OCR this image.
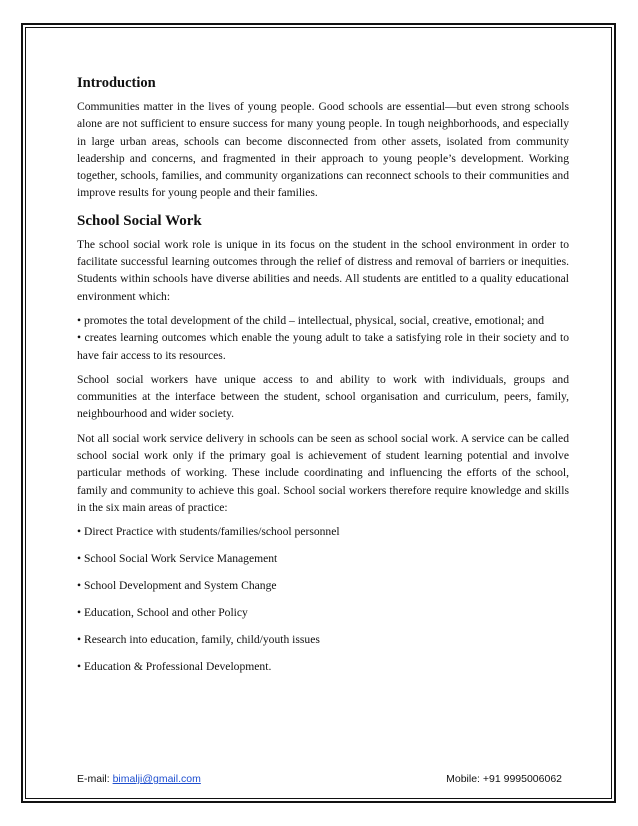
Introduction

Communities matter in the lives of young people. Good schools are essential—but even strong schools alone are not sufficient to ensure success for many young people. In tough neighborhoods, and especially in large urban areas, schools can become disconnected from other assets, isolated from community leadership and concerns, and fragmented in their approach to young people’s development. Working together, schools, families, and community organizations can reconnect schools to their communities and improve results for young people and their families.

School Social Work

The school social work role is unique in its focus on the student in the school environment in order to facilitate successful learning outcomes through the relief of distress and removal of barriers or inequities. Students within schools have diverse abilities and needs. All students are entitled to a quality educational environment which:

• promotes the total development of the child – intellectual, physical, social, creative, emotional; and

• creates learning outcomes which enable the young adult to take a satisfying role in their society and to have fair access to its resources.

School social workers have unique access to and ability to work with individuals, groups and communities at the interface between the student, school organisation and curriculum, peers, family, neighbourhood and wider society.

Not all social work service delivery in schools can be seen as school social work. A service can be called school social work only if the primary goal is achievement of student learning potential and involve particular methods of working. These include coordinating and influencing the efforts of the school, family and community to achieve this goal. School social workers therefore require knowledge and skills in the six main areas of practice:

• Direct Practice with students/families/school personnel

• School Social Work Service Management

• School Development and System Change

• Education, School and other Policy

• Research into education, family, child/youth issues

• Education & Professional Development.

E-mail: bimalji@gmail.com	Mobile: +91 9995006062
